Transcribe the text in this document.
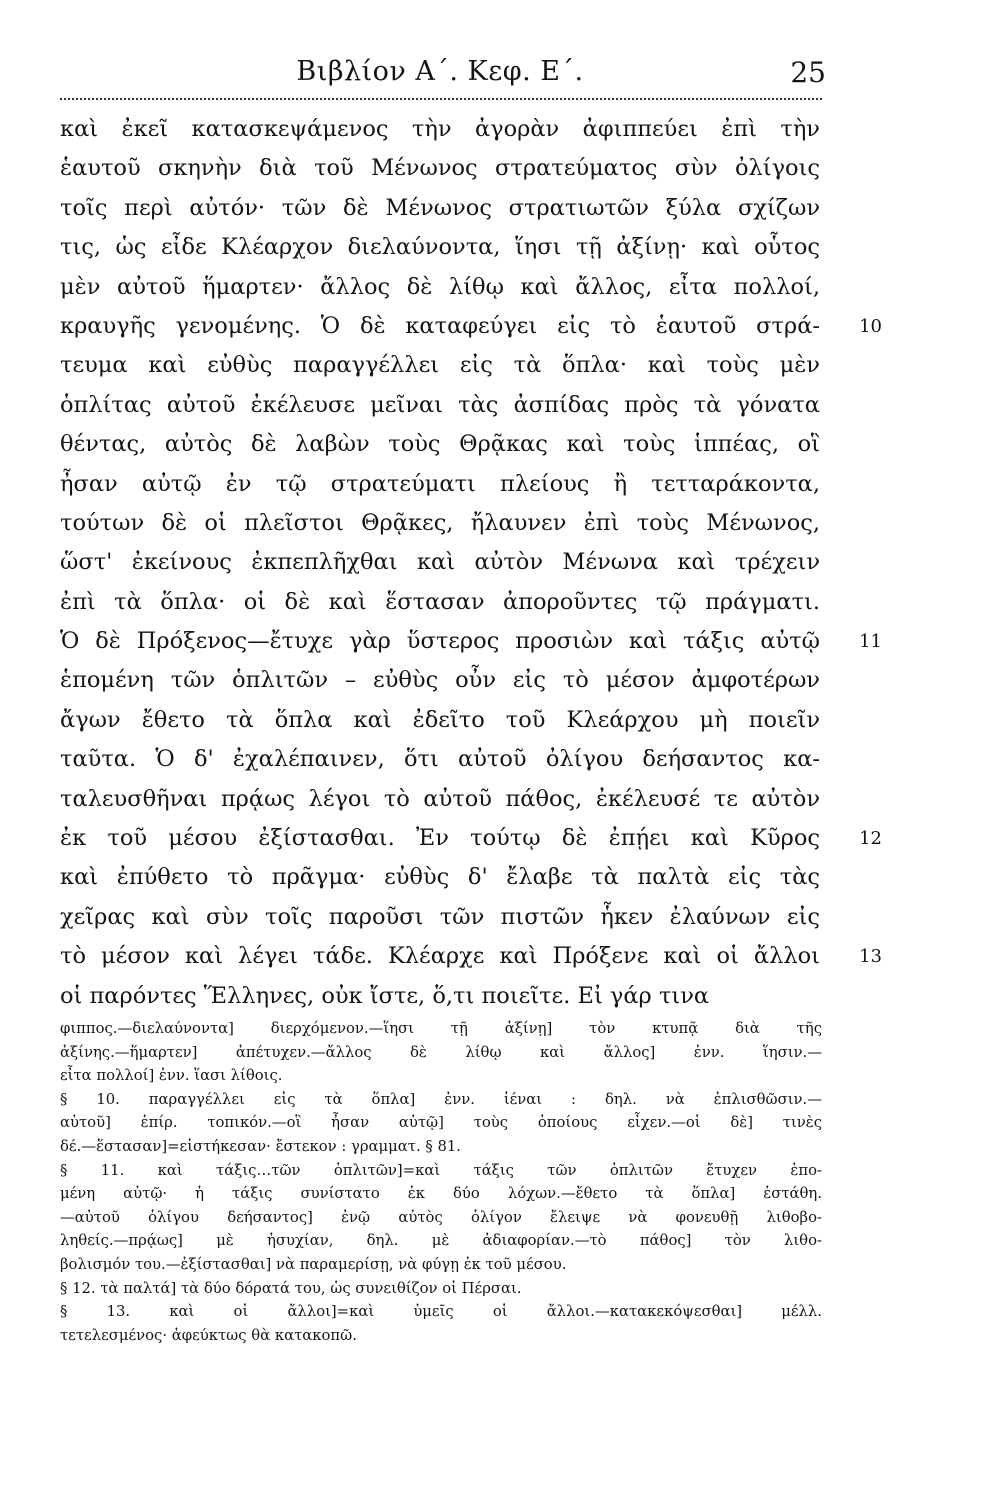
Βιβλίον Α΄. Κεφ. Ε΄.	25
καὶ ἐκεῖ κατασκεψάμενος τὴν ἀγορὰν ἀφιππεύει ἐπὶ τὴν
ἑαυτοῦ σκηνὴν διὰ τοῦ Μένωνος στρατεύματος σὺν ὀλίγοις
τοῖς περὶ αὐτόν· τῶν δὲ Μένωνος στρατιωτῶν ξύλα σχίζων
τις, ὡς εἶδε Κλέαρχον διελαύνοντα, ἵησι τῇ ἀξίνῃ· καὶ οὗτος
μὲν αὐτοῦ ἥμαρτεν· ἄλλος δὲ λίθῳ καὶ ἄλλος, εἶτα πολλοί,
κραυγῆς γενομένης. Ὁ δὲ καταφεύγει εἰς τὸ ἑαυτοῦ στρά- 10
τευμα καὶ εὐθὺς παραγγέλλει εἰς τὰ ὅπλα· καὶ τοὺς μὲν
ὁπλίτας αὐτοῦ ἐκέλευσε μεῖναι τὰς ἀσπίδας πρὸς τὰ γόνατα
θέντας, αὐτὸς δὲ λαβὼν τοὺς Θρᾷκας καὶ τοὺς ἱππέας, οἳ
ἦσαν αὐτῷ ἐν τῷ στρατεύματι πλείους ἢ τετταράκοντα,
τούτων δὲ οἱ πλεῖστοι Θρᾷκες, ἤλαυνεν ἐπὶ τοὺς Μένωνος,
ὥστ' ἐκείνους ἐκπεπλῆχθαι καὶ αὐτὸν Μένωνα καὶ τρέχειν
ἐπὶ τὰ ὅπλα· οἱ δὲ καὶ ἕστασαν ἀποροῦντες τῷ πράγματι.
Ὁ δὲ Πρόξενος—ἔτυχε γὰρ ὕστερος προσιὼν καὶ τάξις αὐτῷ 11
ἑπομένη τῶν ὁπλιτῶν – εὐθὺς οὖν εἰς τὸ μέσον ἀμφοτέρων
ἄγων ἔθετο τὰ ὅπλα καὶ ἐδεῖτο τοῦ Κλεάρχου μὴ ποιεῖν
ταῦτα. Ὁ δ' ἐχαλέπαινεν, ὅτι αὐτοῦ ὀλίγου δεήσαντος κα-
ταλευσθῆναι πρᾴως λέγοι τὸ αὐτοῦ πάθος, ἐκέλευσέ τε αὐτὸν
ἐκ τοῦ μέσου ἐξίστασθαι. Ἐν τούτῳ δὲ ἐπῄει καὶ Κῦρος 12
καὶ ἐπύθετο τὸ πρᾶγμα· εὐθὺς δ' ἔλαβε τὰ παλτὰ εἰς τὰς
χεῖρας καὶ σὺν τοῖς παροῦσι τῶν πιστῶν ἧκεν ἐλαύνων εἰς
τὸ μέσον καὶ λέγει τάδε. Κλέαρχε καὶ Πρόξενε καὶ οἱ ἄλλοι 13
οἱ παρόντες Ἕλληνες, οὐκ ἴστε, ὅ,τι ποιεῖτε. Εἰ γάρ τινα
φιππος.—διελαύνοντα] διερχόμενον.—ἵησι τῇ ἀξίνῃ] τὸν κτυπᾷ διὰ τῆς
ἀξίνης.—ἥμαρτεν] ἀπέτυχεν.—ἄλλος δὲ λίθῳ καὶ ἄλλος] ἐνν. ἵησιν.—
εἶτα πολλοί] ἐνν. ἵασι λίθοις.
§ 10. παραγγέλλει εἰς τὰ ὅπλα] ἐνν. ἰέναι : δηλ. νὰ ἐπλισθῶσιν.—
αὐτοῦ] ἐπίρ. τοπικόν.—οἳ ἦσαν αὐτῷ] τοὺς ὁποίους εἶχεν.—οἱ δὲ] τινὲς
δέ.—ἕστασαν]=εἱστήκεσαν· ἔστεκον : γραμματ. § 81.
§ 11. καὶ τάξις…τῶν ὁπλιτῶν]=καὶ τάξις τῶν ὁπλιτῶν ἔτυχεν ἑπο-
μένη αὐτῷ· ἡ τάξις συνίστατο ἐκ δύο λόχων.—ἔθετο τὰ ὅπλα] ἐστάθη.
—αὐτοῦ ὀλίγου δεήσαντος] ἐνῷ αὐτὸς ὀλίγον ἔλειψε νὰ φονευθῇ λιθοβο-
ληθείς.—πρᾴως] μὲ ἡσυχίαν, δηλ. μὲ ἀδιαφορίαν.—τὸ πάθος] τὸν λιθο-
βολισμόν του.—ἐξίστασθαι] νὰ παραμερίσῃ, νὰ φύγῃ ἐκ τοῦ μέσου.
§ 12. τὰ παλτά] τὰ δύο δόρατά του, ὡς συνειθίζον οἱ Πέρσαι.
§ 13. καὶ οἱ ἄλλοι]=καὶ ὑμεῖς οἱ ἄλλοι.—κατακεκόψεσθαι] μέλλ.
τετελεσμένος· ἀφεύκτως θὰ κατακοπῶ.
